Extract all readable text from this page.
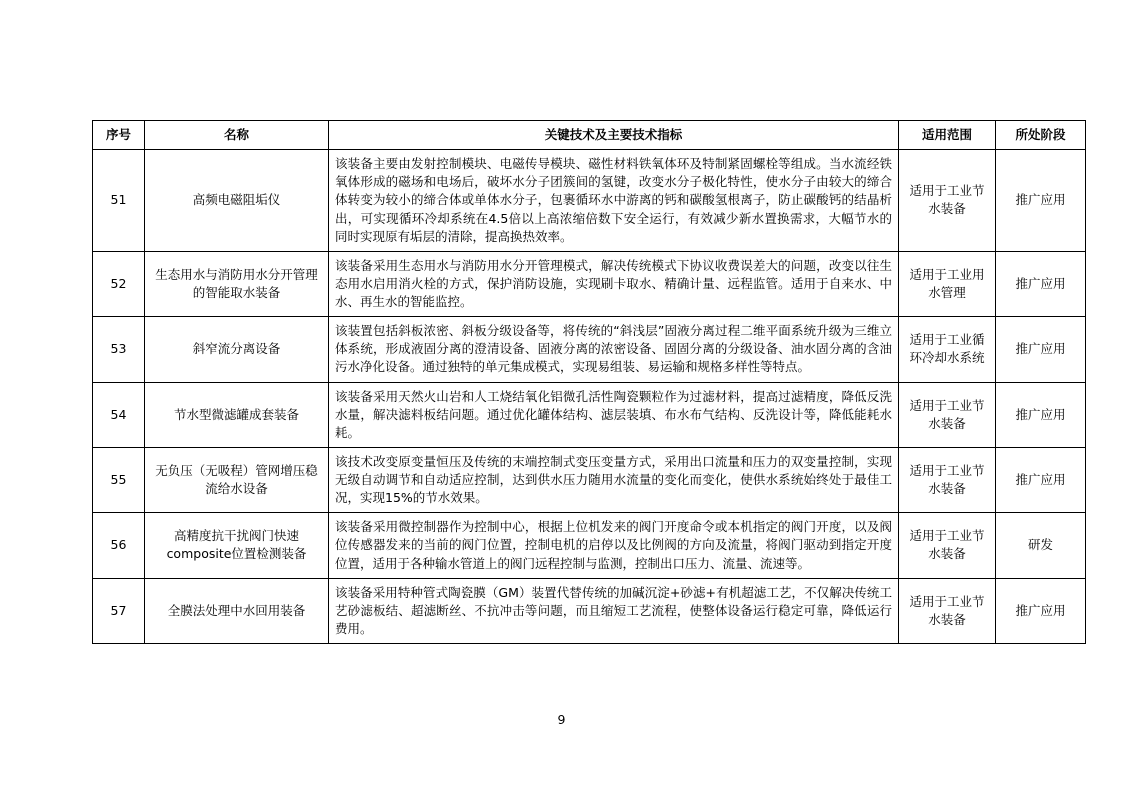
序号	名称	关键技术及主要技术指标	适用范围	所处阶段
51	高频电磁阻垢仪	该装备主要由发射控制模块、电磁传导模块、磁性材料铁氧体环及特制紧固螺栓等组成。当水流经铁氧体形成的磁场和电场后，破坏水分子团簇间的氢键，改变水分子极化特性，使水分子由较大的缔合体转变为较小的缔合体或单体水分子，包裹循环水中游离的钙和碳酸氢根离子，防止碳酸钙的结晶析出，可实现循环冷却系统在4.5倍以上高浓缩倍数下安全运行，有效减少新水置换需求，大幅节水的同时实现原有垢层的清除，提高换热效率。	适用于工业节水装备	推广应用
52	生态用水与消防用水分开管理的智能取水装备	该装备采用生态用水与消防用水分开管理模式，解决传统模式下协议收费误差大的问题，改变以往生态用水启用消火栓的方式，保护消防设施，实现刷卡取水、精确计量、远程监管。适用于自来水、中水、再生水的智能监控。	适用于工业用水管理	推广应用
53	斜窄流分离设备	该装置包括斜板浓密、斜板分级设备等，将传统的“斜浅层”固液分离过程二维平面系统升级为三维立体系统，形成液固分离的澄清设备、固液分离的浓密设备、固固分离的分级设备、油水固分离的含油污水净化设备。通过独特的单元集成模式，实现易组装、易运输和规格多样性等特点。	适用于工业循环冷却水系统	推广应用
54	节水型微滤罐成套装备	该装备采用天然火山岩和人工烧结氧化铝微孔活性陶瓷颗粒作为过滤材料，提高过滤精度，降低反洗水量，解决滤料板结问题。通过优化罐体结构、滤层装填、布水布气结构、反洗设计等，降低能耗水耗。	适用于工业节水装备	推广应用
55	无负压（无吸程）管网增压稳流给水设备	该技术改变原变量恒压及传统的末端控制式变压变量方式，采用出口流量和压力的双变量控制，实现无级自动调节和自动适应控制，达到供水压力随用水流量的变化而变化，使供水系统始终处于最佳工况，实现15%的节水效果。	适用于工业节水装备	推广应用
56	高精度抗干扰阀门快速composite位置检测装备	该装备采用微控制器作为控制中心，根据上位机发来的阀门开度命令或本机指定的阀门开度，以及阀位传感器发来的当前的阀门位置，控制电机的启停以及比例阀的方向及流量，将阀门驱动到指定开度位置，适用于各种输水管道上的阀门远程控制与监测，控制出口压力、流量、流速等。	适用于工业节水装备	研发
57	全膜法处理中水回用装备	该装备采用特种管式陶瓷膜（GM）装置代替传统的加碱沉淀+砂滤+有机超滤工艺，不仅解决传统工艺砂滤板结、超滤断丝、不抗冲击等问题，而且缩短工艺流程，使整体设备运行稳定可靠，降低运行费用。	适用于工业节水装备	推广应用
9
